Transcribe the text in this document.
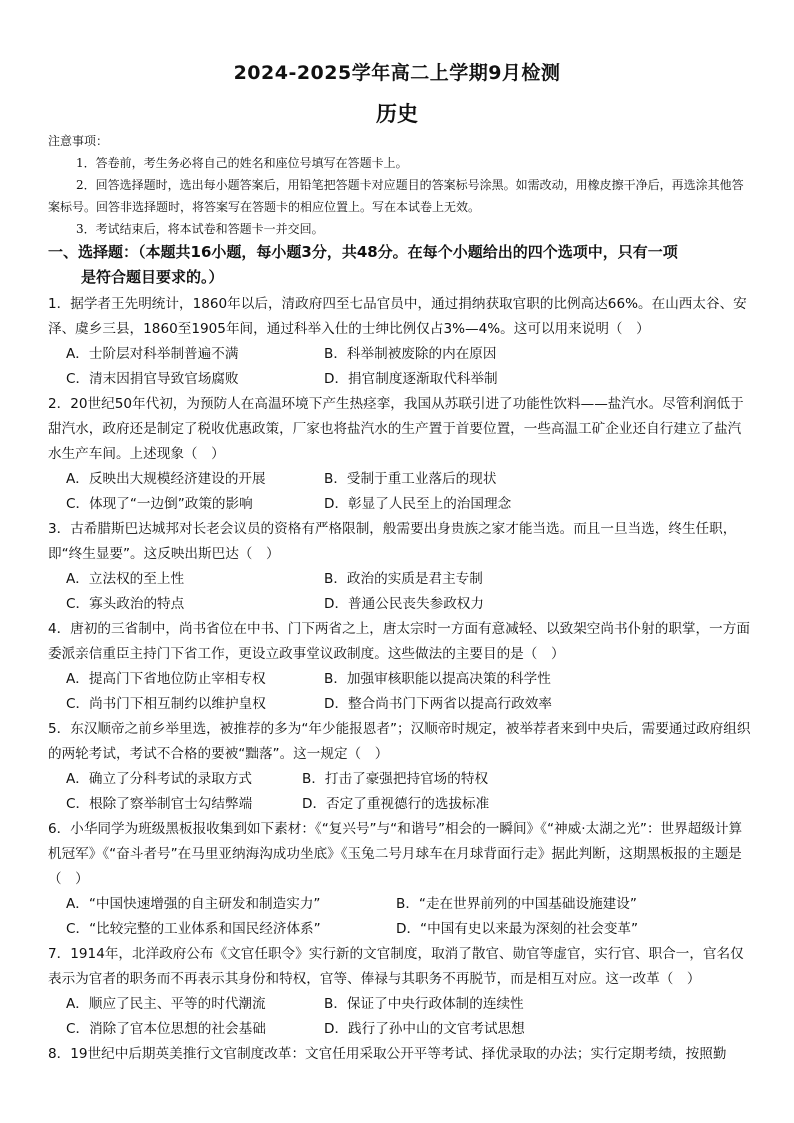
2024-2025学年高二上学期9月检测
历史

注意事项：

1．答卷前，考生务必将自己的姓名和座位号填写在答题卡上。

2．回答选择题时，选出每小题答案后，用铅笔把答题卡对应题目的答案标号涂黑。如需改动，用橡皮擦干净后，再选涂其他答案标号。回答非选择题时，将答案写在答题卡的相应位置上。写在本试卷上无效。

3．考试结束后，将本试卷和答题卡一并交回。

一、选择题：（本题共16小题，每小题3分，共48分。在每个小题给出的四个选项中，只有一项
是符合题目要求的。）

1．据学者王先明统计，1860年以后，清政府四至七品官员中，通过捐纳获取官职的比例高达66%。在山西太谷、安泽、虞乡三县，1860至1905年间，通过科举入仕的士绅比例仅占3%—4%。这可以用来说明（　）

A．士阶层对科举制普遍不满	B．科举制被废除的内在原因
C．清末因捐官导致官场腐败	D．捐官制度逐渐取代科举制

2．20世纪50年代初，为预防人在高温环境下产生热痉挛，我国从苏联引进了功能性饮料——盐汽水。尽管利润低于甜汽水，政府还是制定了税收优惠政策，厂家也将盐汽水的生产置于首要位置，一些高温工矿企业还自行建立了盐汽水生产车间。上述现象（　）

A．反映出大规模经济建设的开展	B．受制于重工业落后的现状
C．体现了“一边倒”政策的影响	D．彰显了人民至上的治国理念

3．古希腊斯巴达城邦对长老会议员的资格有严格限制，般需要出身贵族之家才能当选。而且一旦当选，终生任职，即“终生显要”。这反映出斯巴达（　）

A．立法权的至上性	B．政治的实质是君主专制
C．寡头政治的特点	D．普通公民丧失参政权力

4．唐初的三省制中，尚书省位在中书、门下两省之上，唐太宗时一方面有意减轻、以致架空尚书仆射的职掌，一方面委派亲信重臣主持门下省工作，更设立政事堂议政制度。这些做法的主要目的是（　）

A．提高门下省地位防止宰相专权	B．加强审核职能以提高决策的科学性
C．尚书门下相互制约以维护皇权	D．整合尚书门下两省以提高行政效率

5．东汉顺帝之前乡举里选，被推荐的多为“年少能报恩者”；汉顺帝时规定，被举荐者来到中央后，需要通过政府组织的两轮考试，考试不合格的要被“黜落”。这一规定（　）

A．确立了分科考试的录取方式	B．打击了豪强把持官场的特权
C．根除了察举制官士勾结弊端	D．否定了重视德行的选拔标准

6．小华同学为班级黑板报收集到如下素材：《“复兴号”与“和谐号”相会的一瞬间》《“神威·太湖之光”：世界超级计算机冠军》《“奋斗者号”在马里亚纳海沟成功坐底》《玉兔二号月球车在月球背面行走》据此判断，这期黑板报的主题是（　）

A．“中国快速增强的自主研发和制造实力”	B．“走在世界前列的中国基础设施建设”
C．“比较完整的工业体系和国民经济体系”	D．“中国有史以来最为深刻的社会变革”

7．1914年，北洋政府公布《文官任职令》实行新的文官制度，取消了散官、勋官等虚官，实行官、职合一，官名仅表示为官者的职务而不再表示其身份和特权，官等、俸禄与其职务不再脱节，而是相互对应。这一改革（　）

A．顺应了民主、平等的时代潮流	B．保证了中央行政体制的连续性
C．消除了官本位思想的社会基础	D．践行了孙中山的文官考试思想

8．19世纪中后期英美推行文官制度改革：文官任用采取公开平等考试、择优录取的办法；实行定期考绩，按照勤
